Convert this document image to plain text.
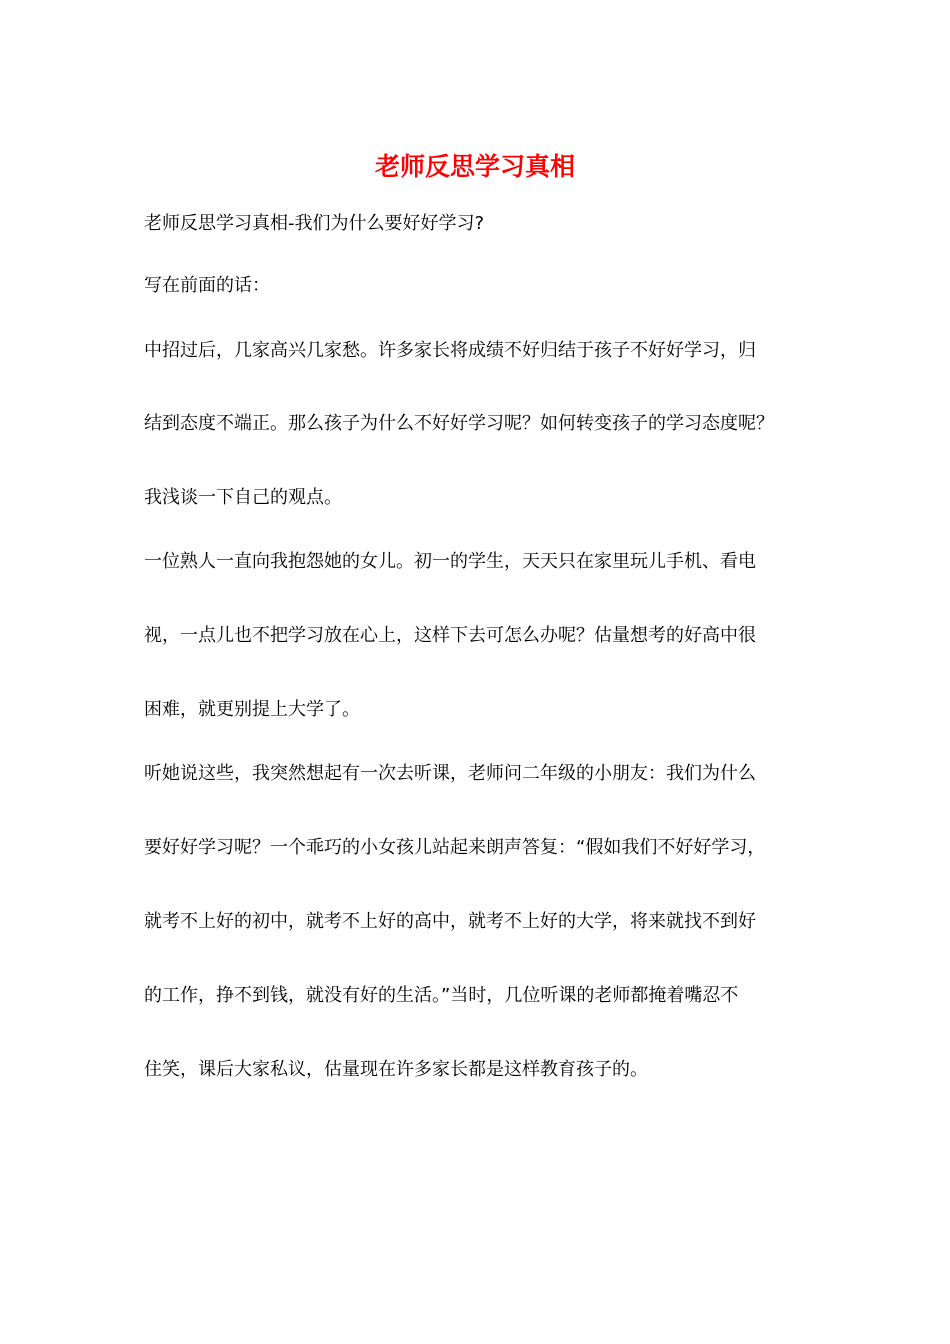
老师反思学习真相

老师反思学习真相-我们为什么要好好学习?

写在前面的话：

中招过后，几家高兴几家愁。许多家长将成绩不好归结于孩子不好好学习，归

结到态度不端正。那么孩子为什么不好好学习呢？如何转变孩子的学习态度呢？

我浅谈一下自己的观点。

一位熟人一直向我抱怨她的女儿。初一的学生，天天只在家里玩儿手机、看电

视，一点儿也不把学习放在心上，这样下去可怎么办呢？估量想考的好高中很

困难，就更别提上大学了。

听她说这些，我突然想起有一次去听课，老师问二年级的小朋友：我们为什么

要好好学习呢？一个乖巧的小女孩儿站起来朗声答复：“假如我们不好好学习，

就考不上好的初中，就考不上好的高中，就考不上好的大学，将来就找不到好

的工作，挣不到钱，就没有好的生活。”当时，几位听课的老师都掩着嘴忍不

住笑，课后大家私议，估量现在许多家长都是这样教育孩子的。
